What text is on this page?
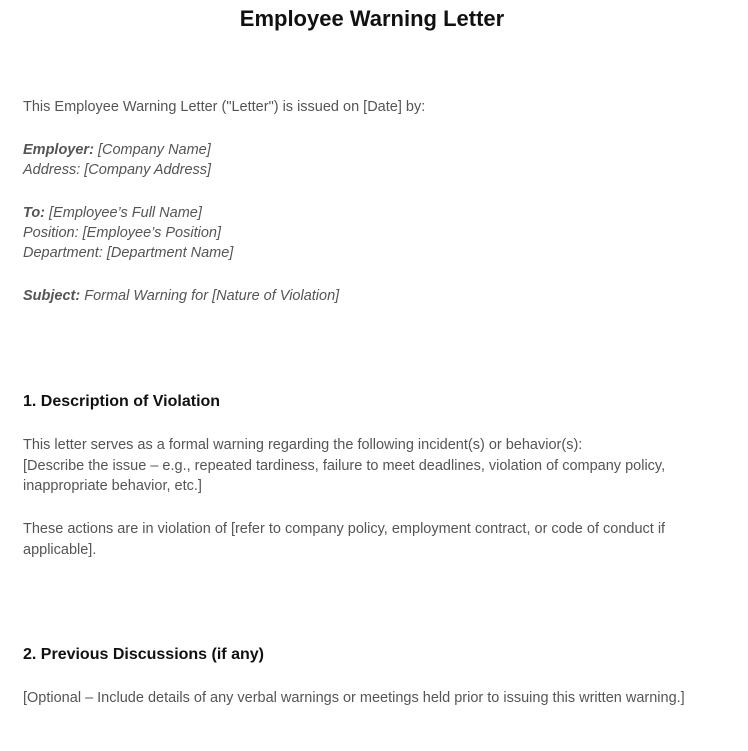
Employee Warning Letter
This Employee Warning Letter ("Letter") is issued on [Date] by:
Employer: [Company Name]
Address: [Company Address]
To: [Employee’s Full Name]
Position: [Employee’s Position]
Department: [Department Name]
Subject: Formal Warning for [Nature of Violation]
1. Description of Violation
This letter serves as a formal warning regarding the following incident(s) or behavior(s):
[Describe the issue – e.g., repeated tardiness, failure to meet deadlines, violation of company policy, inappropriate behavior, etc.]
These actions are in violation of [refer to company policy, employment contract, or code of conduct if applicable].
2. Previous Discussions (if any)
[Optional – Include details of any verbal warnings or meetings held prior to issuing this written warning.]
